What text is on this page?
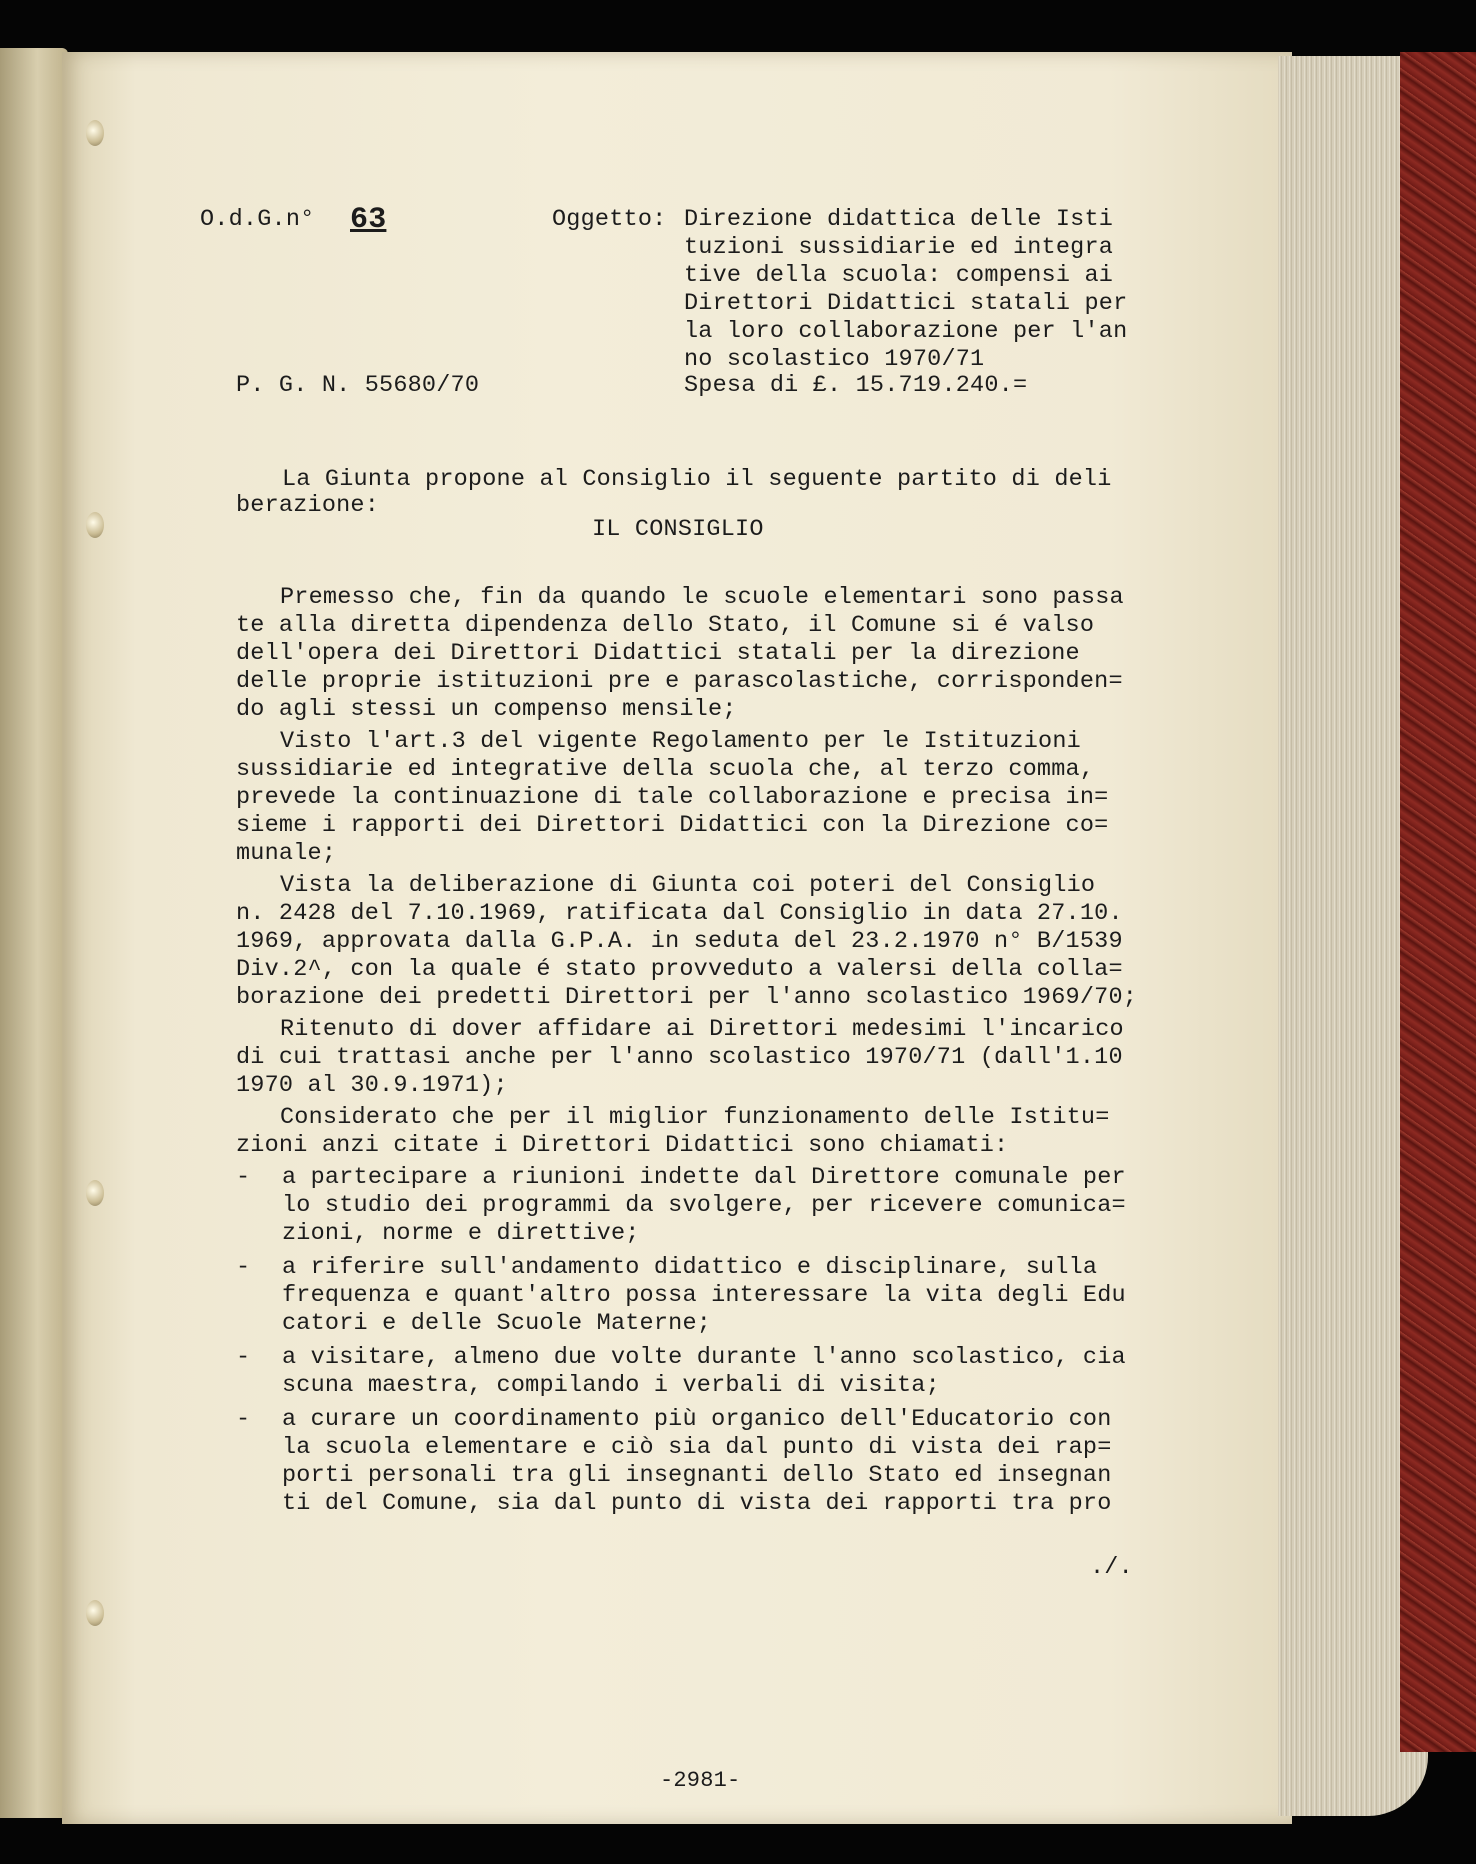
O.d.G.n° 63
P. G. N. 55680/70
Oggetto: Direzione didattica delle Isti
tuzioni sussidiarie ed integra
tive della scuola: compensi ai
Direttori Didattici statali per
la loro collaborazione per l'an
no scolastico 1970/71
Spesa di £. 15.719.240.=
La Giunta propone al Consiglio il seguente partito di deli
berazione:
IL CONSIGLIO
Premesso che, fin da quando le scuole elementari sono passa
te alla diretta dipendenza dello Stato, il Comune si é valso
dell'opera dei Direttori Didattici statali per la direzione
delle proprie istituzioni pre e parascolastiche, corrisponden=
do agli stessi un compenso mensile;
Visto l'art.3 del vigente Regolamento per le Istituzioni
sussidiarie ed integrative della scuola che, al terzo comma,
prevede la continuazione di tale collaborazione e precisa in=
sieme i rapporti dei Direttori Didattici con la Direzione co=
munale;
Vista la deliberazione di Giunta coi poteri del Consiglio
n. 2428 del 7.10.1969, ratificata dal Consiglio in data 27.10.
1969, approvata dalla G.P.A. in seduta del 23.2.1970 n° B/1539
Div.2^, con la quale é stato provveduto a valersi della colla=
borazione dei predetti Direttori per l'anno scolastico 1969/70;
Ritenuto di dover affidare ai Direttori medesimi l'incarico
di cui trattasi anche per l'anno scolastico 1970/71 (dall'1.10
1970 al 30.9.1971);
Considerato che per il miglior funzionamento delle Istitu=
zioni anzi citate i Direttori Didattici sono chiamati:
- a partecipare a riunioni indette dal Direttore comunale per
lo studio dei programmi da svolgere, per ricevere comunica=
zioni, norme e direttive;
- a riferire sull'andamento didattico e disciplinare, sulla
frequenza e quant'altro possa interessare la vita degli Edu
catori e delle Scuole Materne;
- a visitare, almeno due volte durante l'anno scolastico, cia
scuna maestra, compilando i verbali di visita;
- a curare un coordinamento più organico dell'Educatorio con
la scuola elementare e ciò sia dal punto di vista dei rap=
porti personali tra gli insegnanti dello Stato ed insegnan
ti del Comune, sia dal punto di vista dei rapporti tra pro
./.
-2981-
